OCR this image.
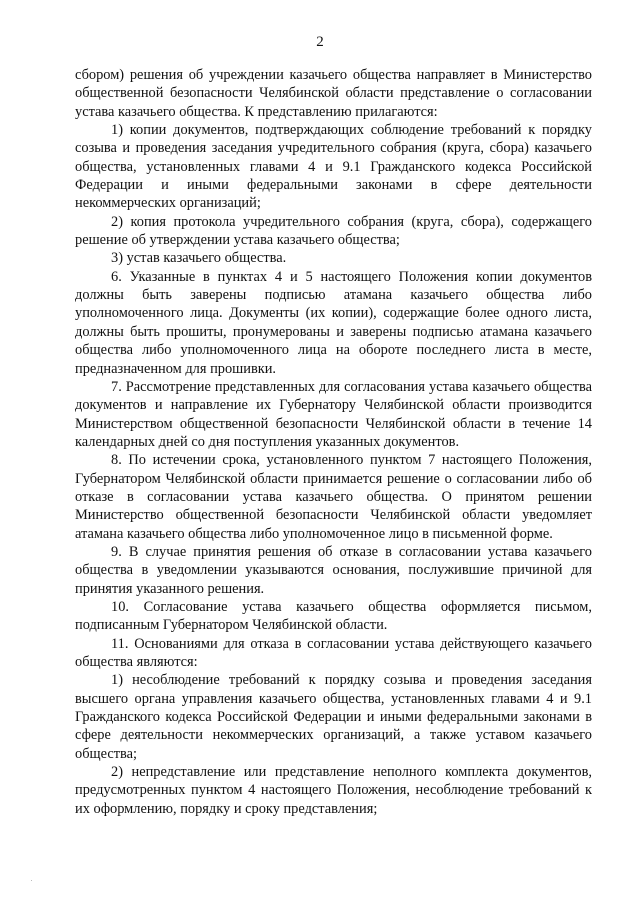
2

сбором) решения об учреждении казачьего общества направляет в Министерство общественной безопасности Челябинской области представление о согласовании устава казачьего общества. К представлению прилагаются:

1) копии документов, подтверждающих соблюдение требований к порядку созыва и проведения заседания учредительного собрания (круга, сбора) казачьего общества, установленных главами 4 и 9.1 Гражданского кодекса Российской Федерации и иными федеральными законами в сфере деятельности некоммерческих организаций;

2) копия протокола учредительного собрания (круга, сбора), содержащего решение об утверждении устава казачьего общества;

3) устав казачьего общества.

6. Указанные в пунктах 4 и 5 настоящего Положения копии документов должны быть заверены подписью атамана казачьего общества либо уполномоченного лица. Документы (их копии), содержащие более одного листа, должны быть прошиты, пронумерованы и заверены подписью атамана казачьего общества либо уполномоченного лица на обороте последнего листа в месте, предназначенном для прошивки.

7. Рассмотрение представленных для согласования устава казачьего общества документов и направление их Губернатору Челябинской области производится Министерством общественной безопасности Челябинской области в течение 14 календарных дней со дня поступления указанных документов.

8. По истечении срока, установленного пунктом 7 настоящего Положения, Губернатором Челябинской области принимается решение о согласовании либо об отказе в согласовании устава казачьего общества. О принятом решении Министерство общественной безопасности Челябинской области уведомляет атамана казачьего общества либо уполномоченное лицо в письменной форме.

9. В случае принятия решения об отказе в согласовании устава казачьего общества в уведомлении указываются основания, послужившие причиной для принятия указанного решения.

10. Согласование устава казачьего общества оформляется письмом, подписанным Губернатором Челябинской области.

11. Основаниями для отказа в согласовании устава действующего казачьего общества являются:

1) несоблюдение требований к порядку созыва и проведения заседания высшего органа управления казачьего общества, установленных главами 4 и 9.1 Гражданского кодекса Российской Федерации и иными федеральными законами в сфере деятельности некоммерческих организаций, а также уставом казачьего общества;

2) непредставление или представление неполного комплекта документов, предусмотренных пунктом 4 настоящего Положения, несоблюдение требований к их оформлению, порядку и сроку представления;
